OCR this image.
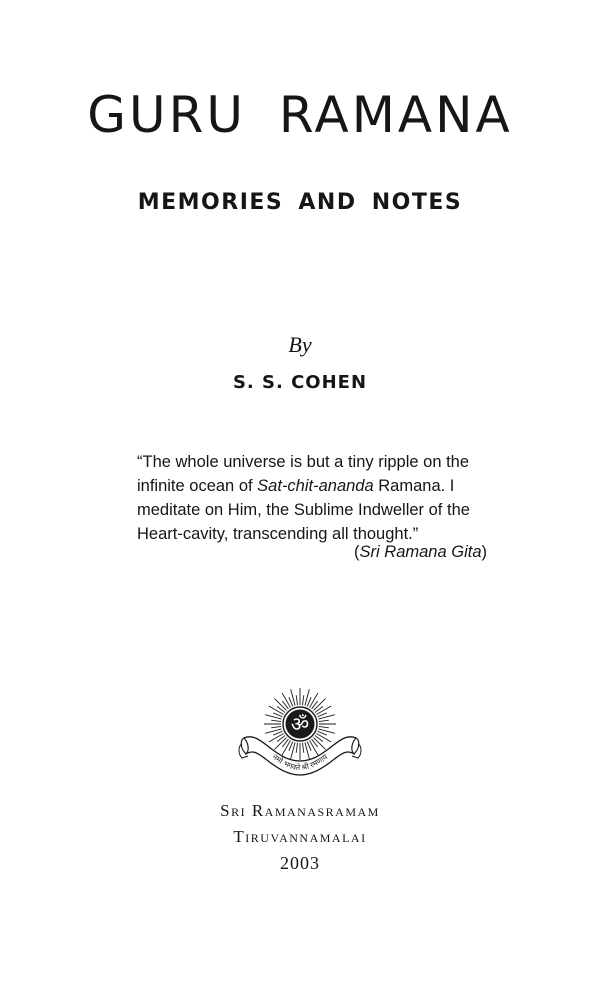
GURU RAMANA
MEMORIES AND NOTES
By
S. S. COHEN
“The whole universe is but a tiny ripple on the
infinite ocean of Sat-chit-ananda Ramana. I
meditate on Him, the Sublime Indweller of the
Heart-cavity, transcending all thought.”
(Sri Ramana Gita)
ॐ
नमो भगवते श्री रमणाय
Sri Ramanasramam
Tiruvannamalai
2003
